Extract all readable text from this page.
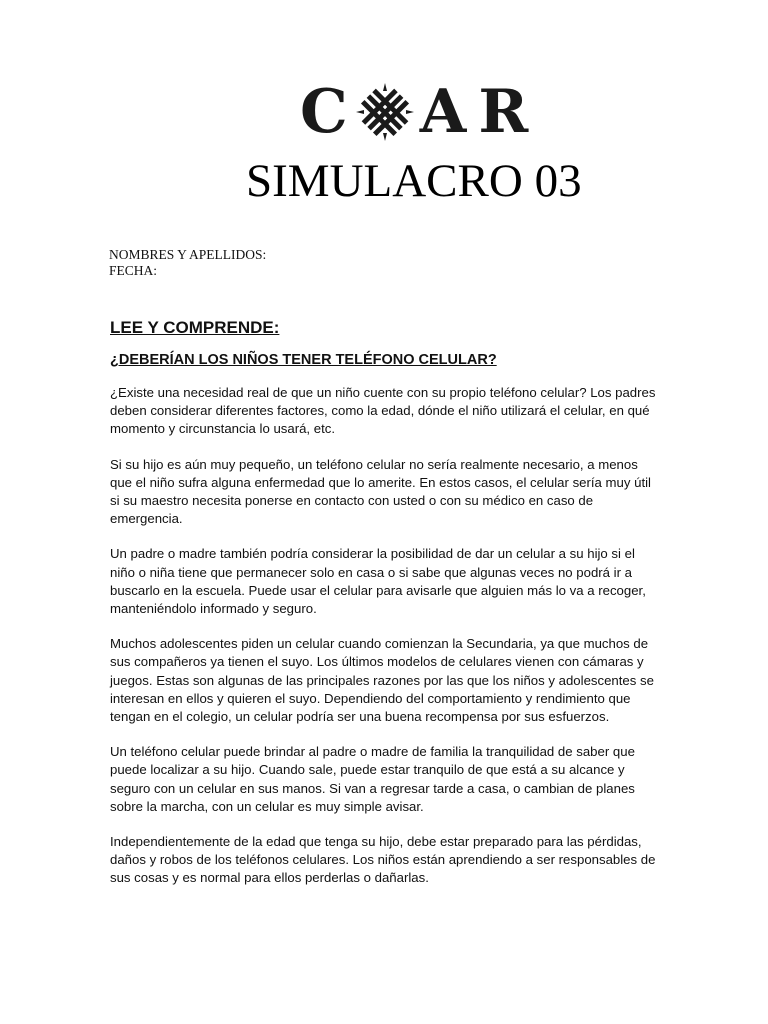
C A R
SIMULACRO 03
NOMBRES Y APELLIDOS:
FECHA:
LEE Y COMPRENDE:
¿DEBERÍAN LOS NIÑOS TENER TELÉFONO CELULAR?

¿Existe una necesidad real de que un niño cuente con su propio teléfono celular? Los padres deben considerar diferentes factores, como la edad, dónde el niño utilizará el celular, en qué momento y circunstancia lo usará, etc.

Si su hijo es aún muy pequeño, un teléfono celular no sería realmente necesario, a menos que el niño sufra alguna enfermedad que lo amerite. En estos casos, el celular sería muy útil si su maestro necesita ponerse en contacto con usted o con su médico en caso de emergencia.

Un padre o madre también podría considerar la posibilidad de dar un celular a su hijo si el niño o niña tiene que permanecer solo en casa o si sabe que algunas veces no podrá ir a buscarlo en la escuela. Puede usar el celular para avisarle que alguien más lo va a recoger, manteniéndolo informado y seguro.

Muchos adolescentes piden un celular cuando comienzan la Secundaria, ya que muchos de sus compañeros ya tienen el suyo. Los últimos modelos de celulares vienen con cámaras y juegos. Estas son algunas de las principales razones por las que los niños y adolescentes se interesan en ellos y quieren el suyo. Dependiendo del comportamiento y rendimiento que tengan en el colegio, un celular podría ser una buena recompensa por sus esfuerzos.

Un teléfono celular puede brindar al padre o madre de familia la tranquilidad de saber que puede localizar a su hijo. Cuando sale, puede estar tranquilo de que está a su alcance y seguro con un celular en sus manos. Si van a regresar tarde a casa, o cambian de planes sobre la marcha, con un celular es muy simple avisar.

Independientemente de la edad que tenga su hijo, debe estar preparado para las pérdidas, daños y robos de los teléfonos celulares. Los niños están aprendiendo a ser responsables de sus cosas y es normal para ellos perderlas o dañarlas.
